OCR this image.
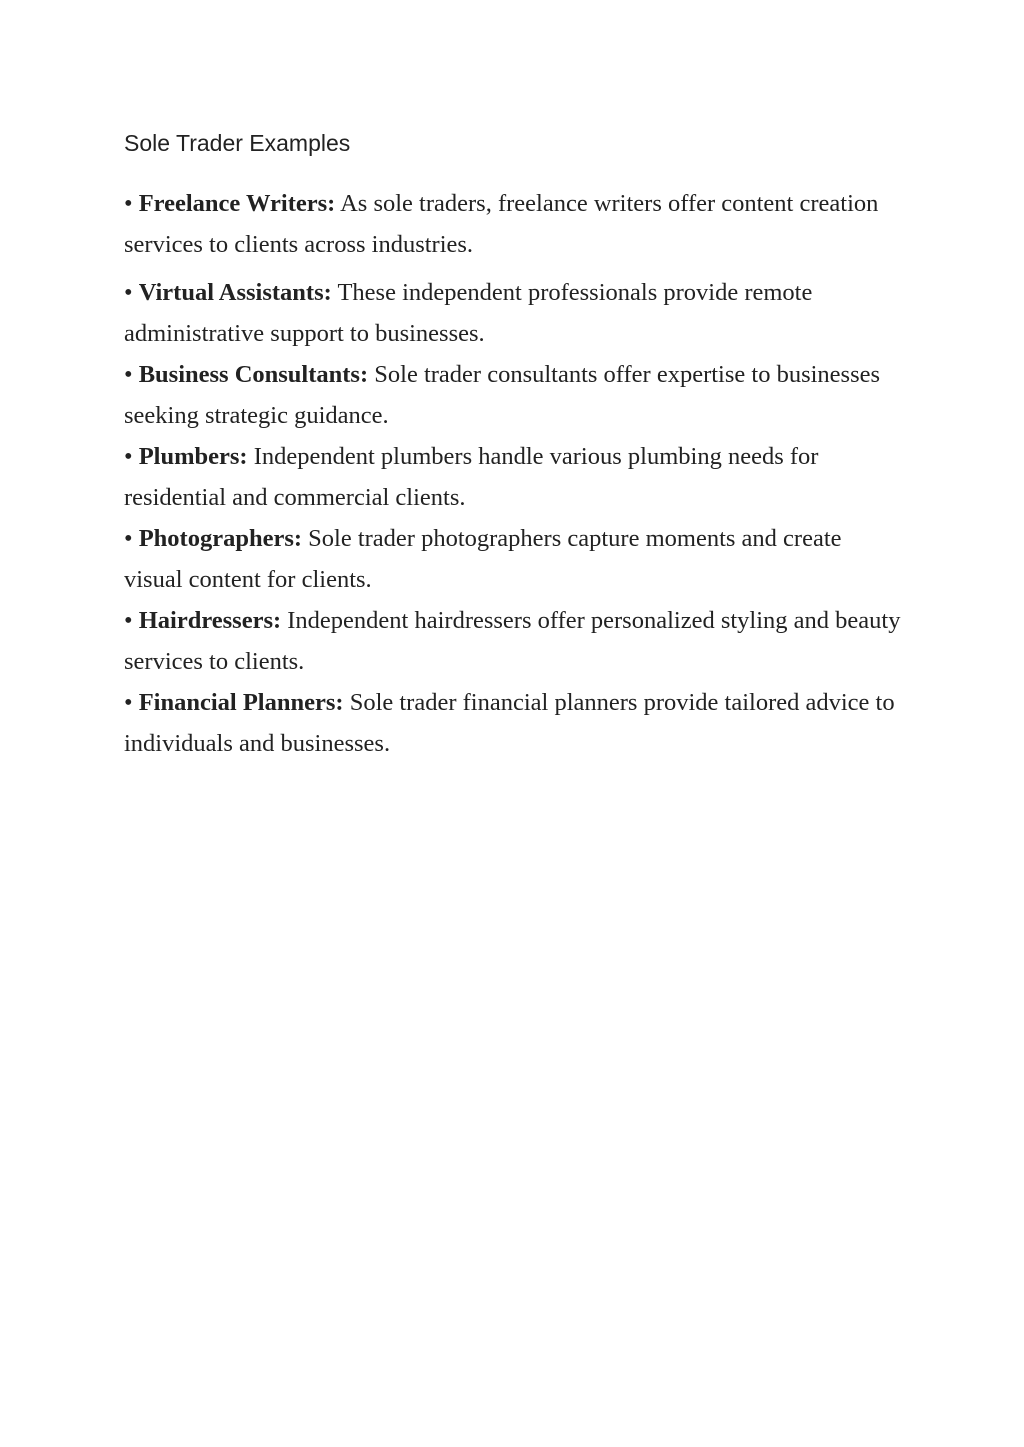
Sole Trader Examples
• Freelance Writers: As sole traders, freelance writers offer content creation services to clients across industries.
• Virtual Assistants: These independent professionals provide remote administrative support to businesses.
• Business Consultants: Sole trader consultants offer expertise to businesses seeking strategic guidance.
• Plumbers: Independent plumbers handle various plumbing needs for residential and commercial clients.
• Photographers: Sole trader photographers capture moments and create visual content for clients.
• Hairdressers: Independent hairdressers offer personalized styling and beauty services to clients.
• Financial Planners: Sole trader financial planners provide tailored advice to individuals and businesses.
